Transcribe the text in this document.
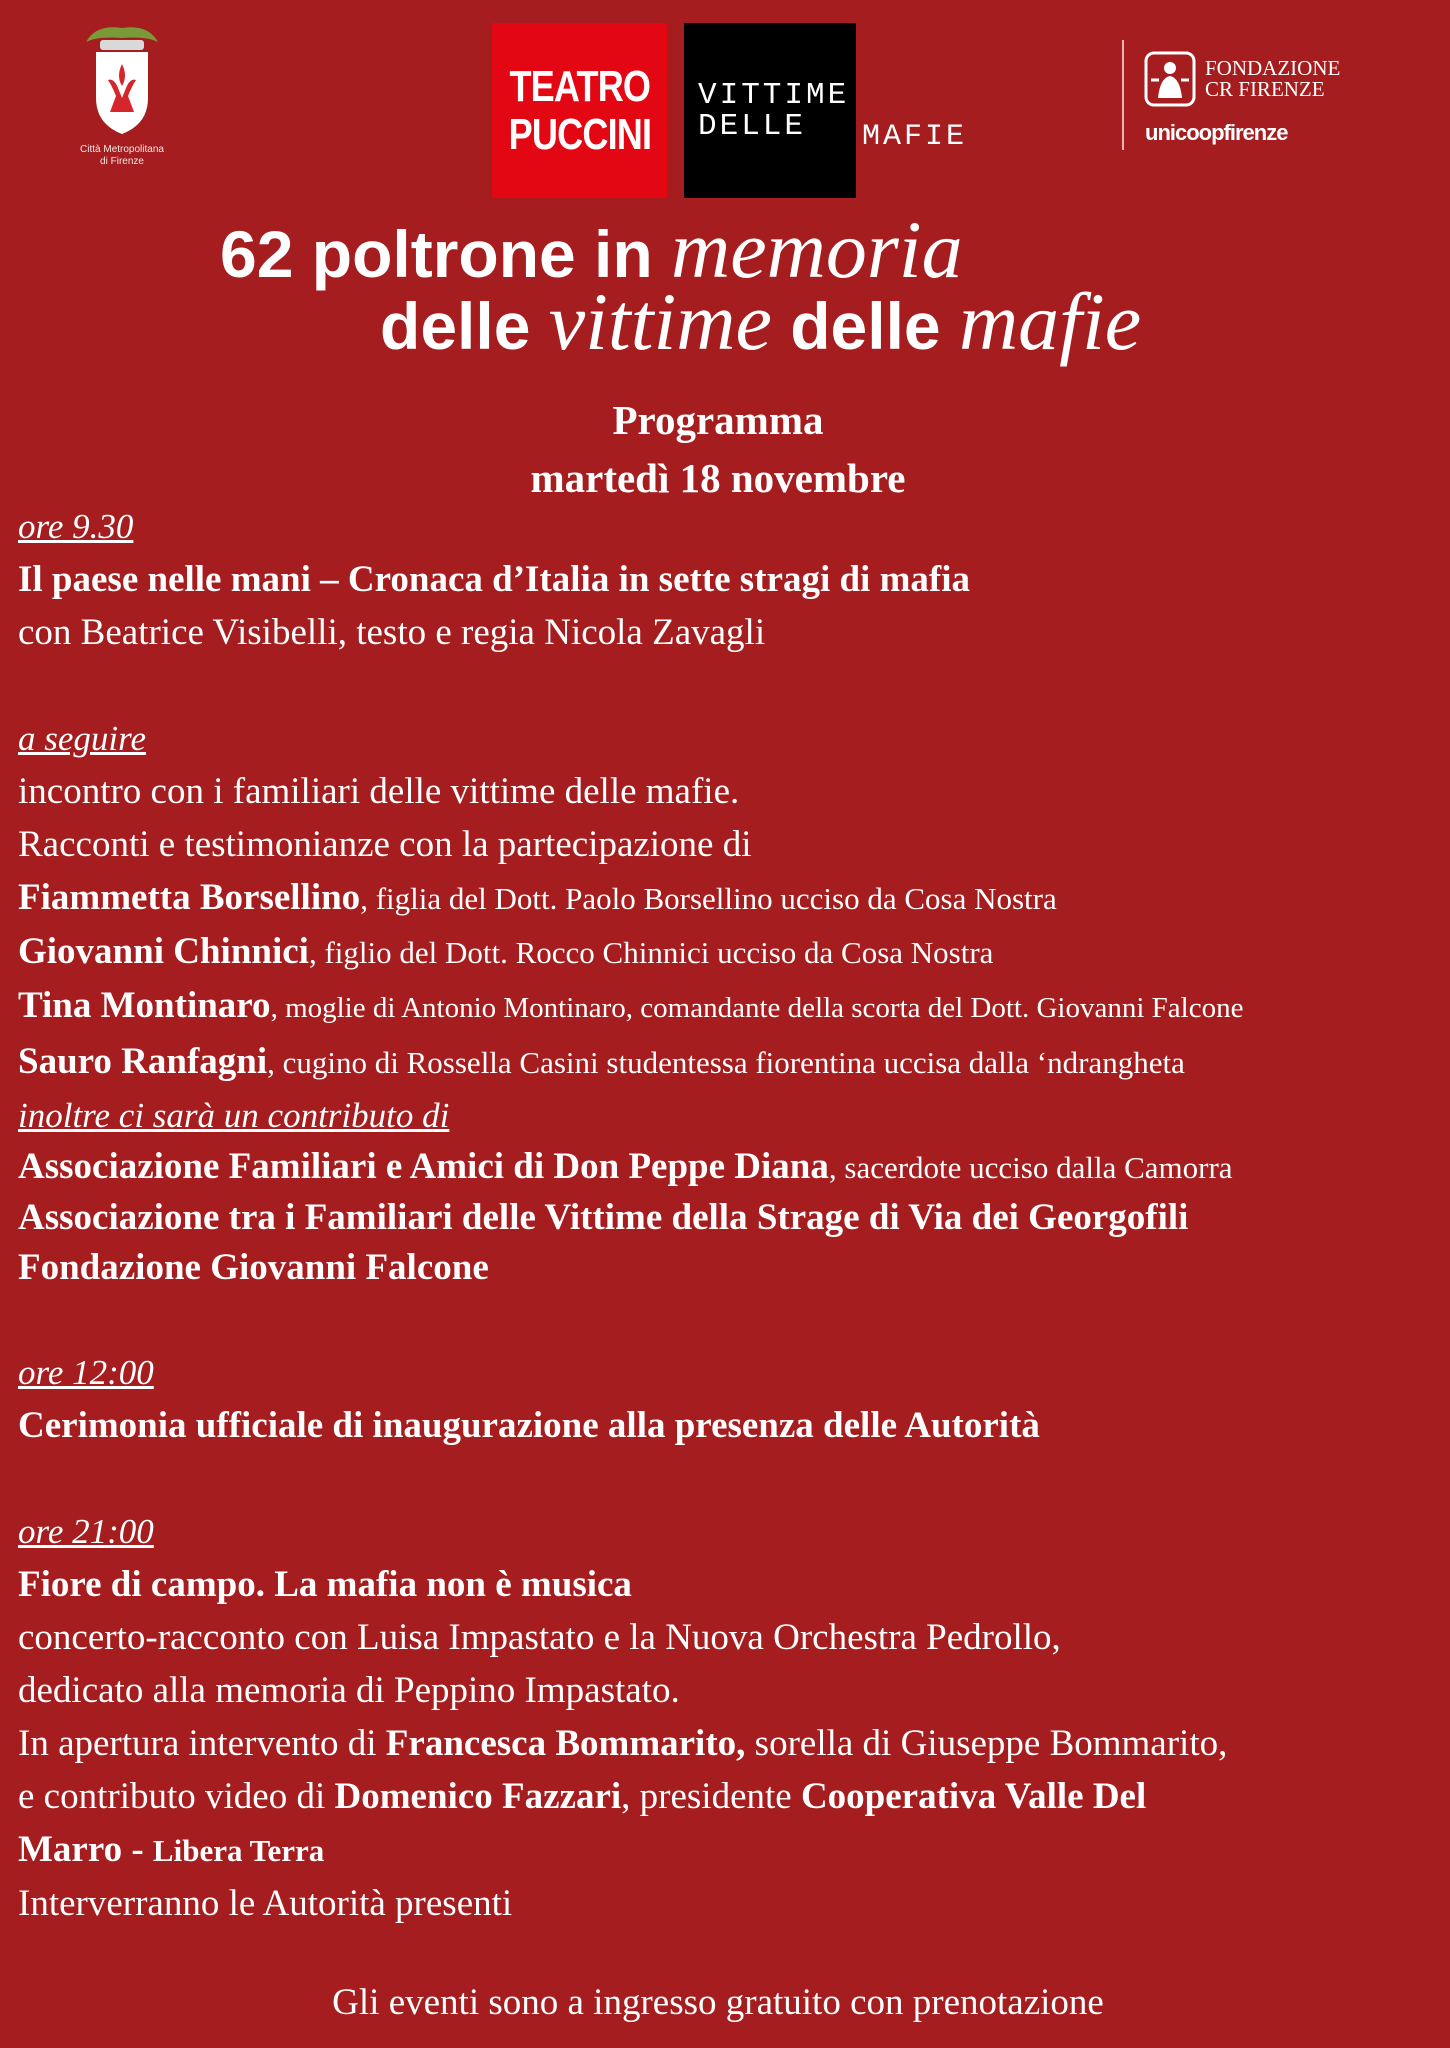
Città Metropolitana
di Firenze
TEATRO
PUCCINI
VITTIME
DELLE	MAFIE
FONDAZIONE
CR FIRENZE
unicoopfirenze
62 poltrone in memoria
delle vittime delle mafie
Programma
martedì 18 novembre
ore 9.30
Il paese nelle mani – Cronaca d’Italia in sette stragi di mafia
con Beatrice Visibelli, testo e regia Nicola Zavagli
a seguire
incontro con i familiari delle vittime delle mafie.
Racconti e testimonianze con la partecipazione di
Fiammetta Borsellino, figlia del Dott. Paolo Borsellino ucciso da Cosa Nostra
Giovanni Chinnici, figlio del Dott. Rocco Chinnici ucciso da Cosa Nostra
Tina Montinaro, moglie di Antonio Montinaro, comandante della scorta del Dott. Giovanni Falcone
Sauro Ranfagni, cugino di Rossella Casini studentessa fiorentina uccisa dalla ‘ndrangheta
inoltre ci sarà un contributo di
Associazione Familiari e Amici di Don Peppe Diana, sacerdote ucciso dalla Camorra
Associazione tra i Familiari delle Vittime della Strage di Via dei Georgofili
Fondazione Giovanni Falcone
ore 12:00
Cerimonia ufficiale di inaugurazione alla presenza delle Autorità
ore 21:00
Fiore di campo. La mafia non è musica
concerto-racconto con Luisa Impastato e la Nuova Orchestra Pedrollo,
dedicato alla memoria di Peppino Impastato.
In apertura intervento di Francesca Bommarito, sorella di Giuseppe Bommarito,
e contributo video di Domenico Fazzari, presidente Cooperativa Valle Del
Marro - Libera Terra
Interverranno le Autorità presenti
Gli eventi sono a ingresso gratuito con prenotazione
